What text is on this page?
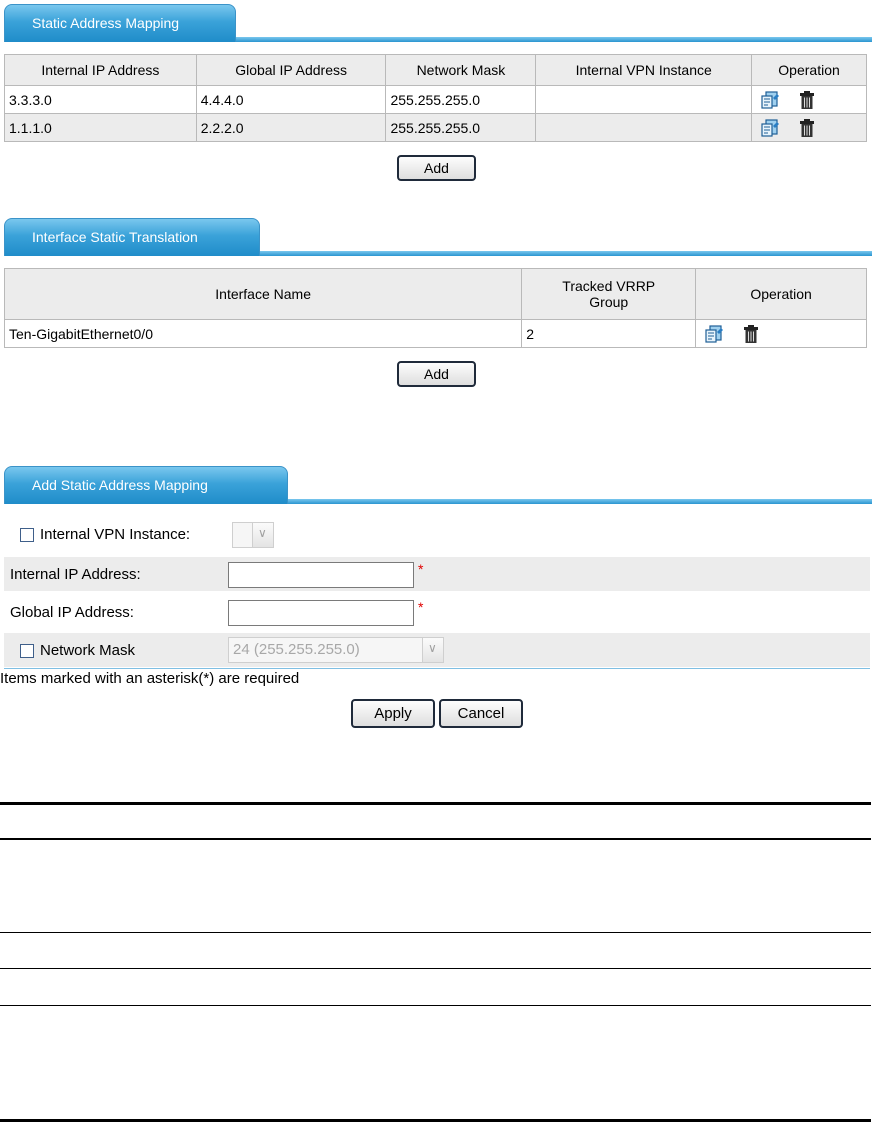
Static Address Mapping
Internal IP Address	Global IP Address	Network Mask	Internal VPN Instance	Operation
3.3.3.0	4.4.4.0	255.255.255.0		
1.1.1.0	2.2.2.0	255.255.255.0		
Add
Interface Static Translation
Interface Name	Tracked VRRP Group	Operation
Ten-GigabitEthernet0/0	2	
Add
Add Static Address Mapping
Internal VPN Instance:	∨
Internal IP Address:	*
Global IP Address:	*
Network Mask	24 (255.255.255.0)	∨
Items marked with an asterisk(*) are required
Apply	Cancel
